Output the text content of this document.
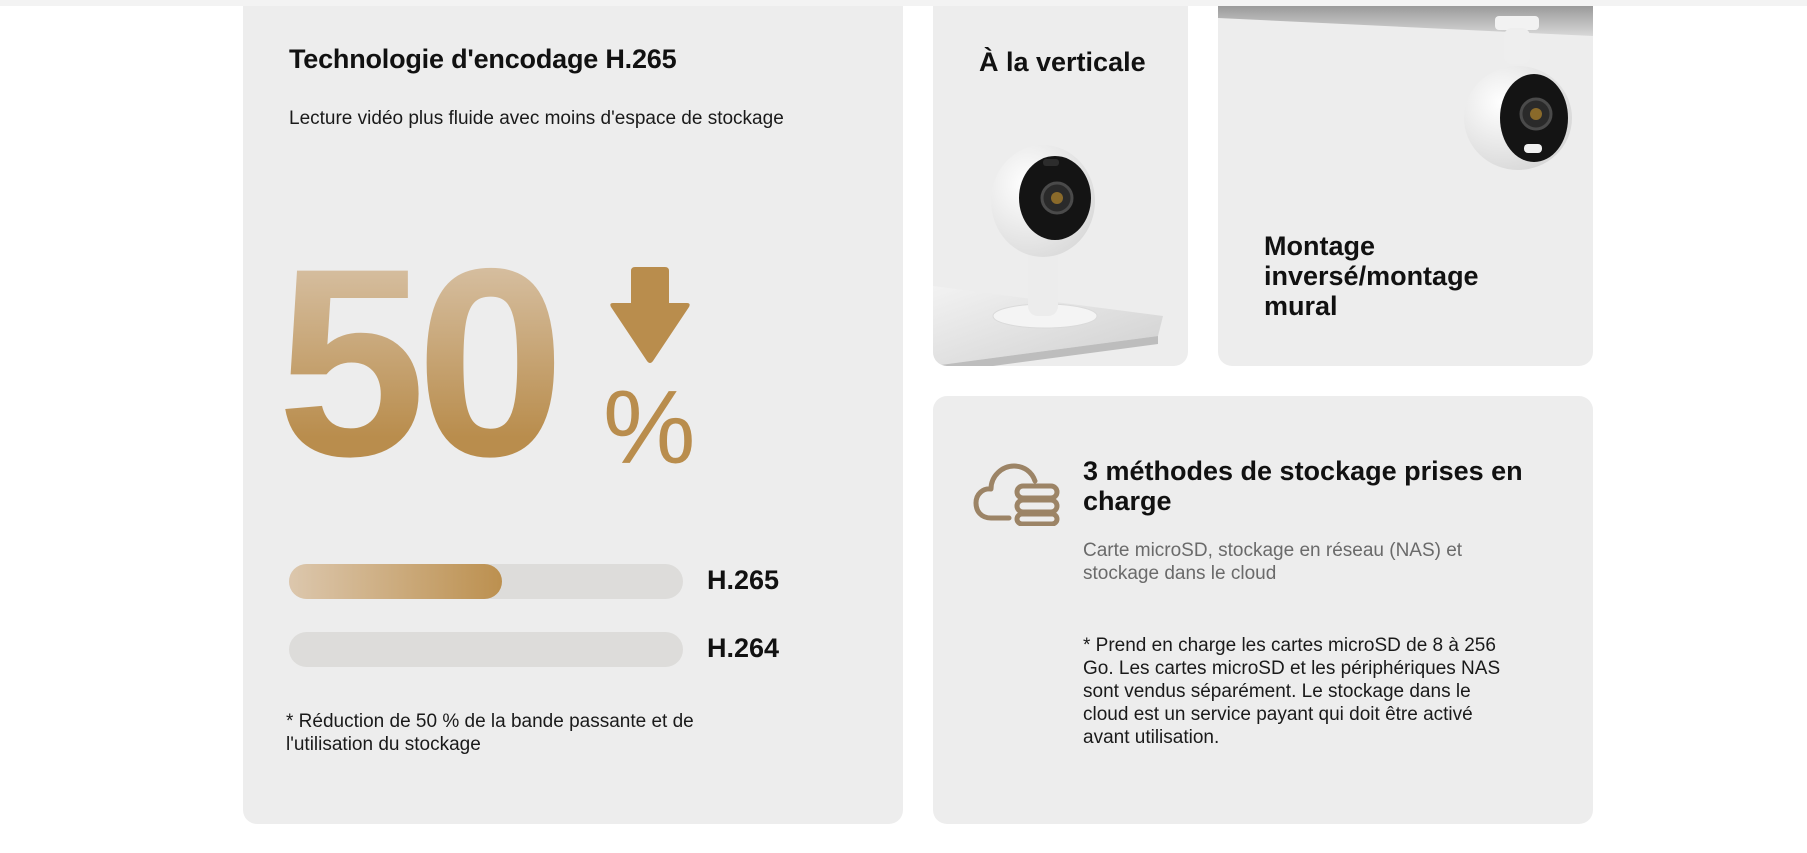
Technologie d'encodage H.265

Lecture vidéo plus fluide avec moins d'espace de stockage

50 %
H.265
H.264

* Réduction de 50 % de la bande passante et de l'utilisation du stockage

À la verticale
Montage inversé/montage mural
3 méthodes de stockage prises en charge

Carte microSD, stockage en réseau (NAS) et stockage dans le cloud

* Prend en charge les cartes microSD de 8 à 256 Go. Les cartes microSD et les périphériques NAS sont vendus séparément. Le stockage dans le cloud est un service payant qui doit être activé avant utilisation.
